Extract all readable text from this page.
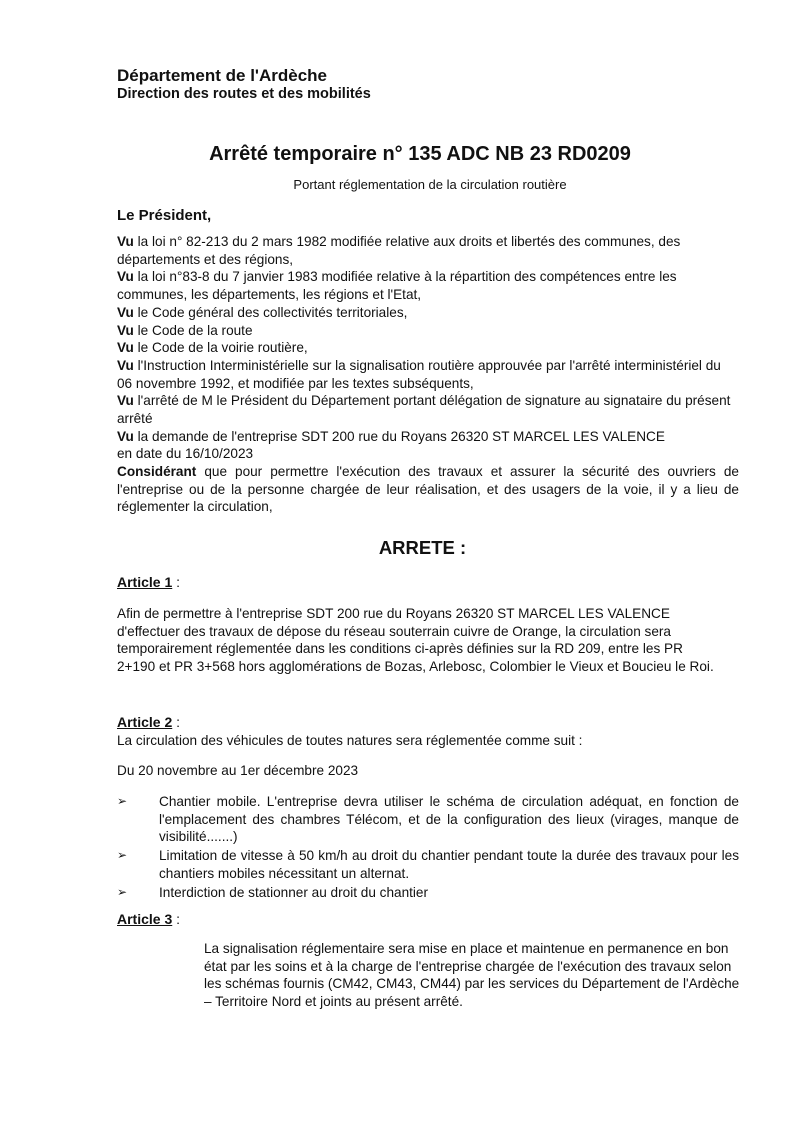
Département de l'Ardèche
Direction des routes et des mobilités
Arrêté temporaire n° 135 ADC NB 23 RD0209
Portant réglementation de la circulation routière
Le Président,

Vu la loi n° 82-213 du 2 mars 1982 modifiée relative aux droits et libertés des communes, des départements et des régions,

Vu la loi n°83-8 du 7 janvier 1983 modifiée relative à la répartition des compétences entre les communes, les départements, les régions et l'Etat,

Vu le Code général des collectivités territoriales,

Vu le Code de la route

Vu le Code de la voirie routière,

Vu l'Instruction Interministérielle sur la signalisation routière approuvée par l'arrêté interministériel du 06 novembre 1992, et modifiée par les textes subséquents,

Vu l'arrêté de M le Président du Département portant délégation de signature au signataire du présent arrêté

Vu la demande de l'entreprise SDT 200 rue du Royans 26320 ST MARCEL LES VALENCE

en date du 16/10/2023

Considérant que pour permettre l'exécution des travaux et assurer la sécurité des ouvriers de l'entreprise ou de la personne chargée de leur réalisation, et des usagers de la voie, il y a lieu de réglementer la circulation,
ARRETE :
Article 1 :
Afin de permettre à l'entreprise SDT 200 rue du Royans 26320 ST MARCEL LES VALENCE d'effectuer des travaux de dépose du réseau souterrain cuivre de Orange, la circulation sera temporairement réglementée dans les conditions ci-après définies sur la RD 209, entre les PR 2+190 et PR 3+568 hors agglomérations de Bozas, Arlebosc, Colombier le Vieux et Boucieu le Roi.
Article 2 :
La circulation des véhicules de toutes natures sera réglementée comme suit :
Du 20 novembre au 1er décembre 2023
➢ Chantier mobile. L'entreprise devra utiliser le schéma de circulation adéquat, en fonction de l'emplacement des chambres Télécom, et de la configuration des lieux (virages, manque de visibilité.......)
➢ Limitation de vitesse à 50 km/h au droit du chantier pendant toute la durée des travaux pour les chantiers mobiles nécessitant un alternat.
➢ Interdiction de stationner au droit du chantier
Article 3 :
La signalisation réglementaire sera mise en place et maintenue en permanence en bon état par les soins et à la charge de l'entreprise chargée de l'exécution des travaux selon les schémas fournis (CM42, CM43, CM44) par les services du Département de l'Ardèche – Territoire Nord et joints au présent arrêté.
